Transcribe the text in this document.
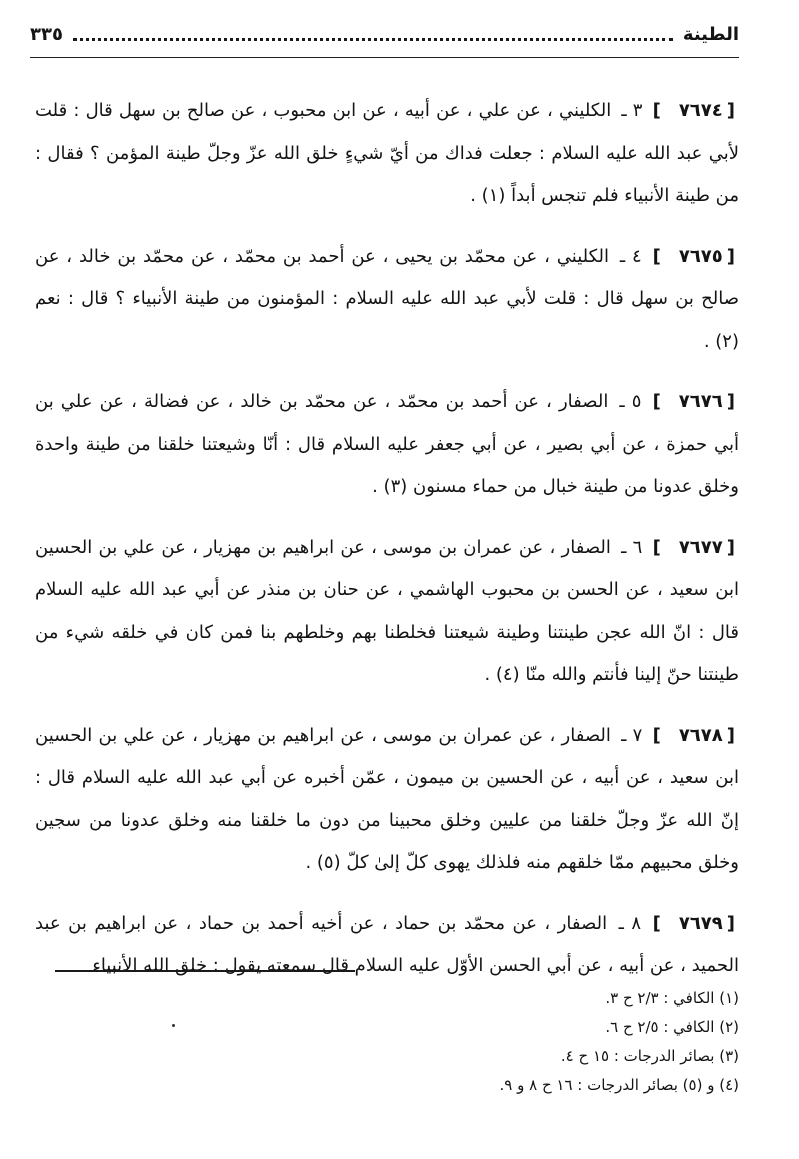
الطينة
٣٣٥

[٧٦٧٤] ٣ ـ الكليني ، عن علي ، عن أبيه ، عن ابن محبوب ، عن صالح بن سهل قال : قلت لأبي عبد الله عليه السلام : جعلت فداك من أيّ شيءٍ خلق الله عزّ وجلّ طينة المؤمن ؟ فقال : من طينة الأنبياء فلم تنجس أبداً (١) .

[٧٦٧٥] ٤ ـ الكليني ، عن محمّد بن يحيى ، عن أحمد بن محمّد ، عن محمّد بن خالد ، عن صالح بن سهل قال : قلت لأبي عبد الله عليه السلام : المؤمنون من طينة الأنبياء ؟ قال : نعم (٢) .

[٧٦٧٦] ٥ ـ الصفار ، عن أحمد بن محمّد ، عن محمّد بن خالد ، عن فضالة ، عن علي بن أبي حمزة ، عن أبي بصير ، عن أبي جعفر عليه السلام قال : أنّا وشيعتنا خلقنا من طينة واحدة وخلق عدونا من طينة خبال من حماء مسنون (٣) .

[٧٦٧٧] ٦ ـ الصفار ، عن عمران بن موسى ، عن ابراهيم بن مهزيار ، عن علي بن الحسين ابن سعيد ، عن الحسن بن محبوب الهاشمي ، عن حنان بن منذر عن أبي عبد الله عليه السلام قال : انّ الله عجن طينتنا وطينة شيعتنا فخلطنا بهم وخلطهم بنا فمن كان في خلقه شيء من طينتنا حنّ إلينا فأنتم والله منّا (٤) .

[٧٦٧٨] ٧ ـ الصفار ، عن عمران بن موسى ، عن ابراهيم بن مهزيار ، عن علي بن الحسين ابن سعيد ، عن أبيه ، عن الحسين بن ميمون ، عمّن أخبره عن أبي عبد الله عليه السلام قال : إنّ الله عزّ وجلّ خلقنا من عليين وخلق محبينا من دون ما خلقنا منه وخلق عدونا من سجين وخلق محبيهم ممّا خلقهم منه فلذلك يهوى كلّ إلىٰ كلّ (٥) .

[٧٦٧٩] ٨ ـ الصفار ، عن محمّد بن حماد ، عن أخيه أحمد بن حماد ، عن ابراهيم بن عبد الحميد ، عن أبيه ، عن أبي الحسن الأوّل عليه السلام قال سمعته يقول : خلق الله الأنبياء

(١) الكافي : ٢/٣ ح ٣.
(٢) الكافي : ٢/٥ ح ٦.
(٣) بصائر الدرجات : ١٥ ح ٤.
(٤) و (٥) بصائر الدرجات : ١٦ ح ٨ و ٩.
